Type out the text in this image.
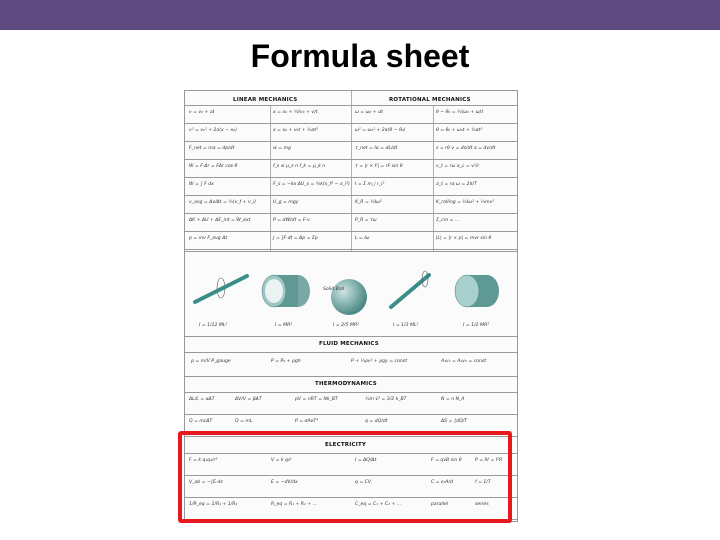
Formula sheet
LINEAR MECHANICS	ROTATIONAL MECHANICS
v = v₀ + at	x = x₀ + ½(v₀ + v)t	ω = ω₀ + αt	θ − θ₀ = ½(ω₀ + ω)t
v² = v₀² + 2a(x − x₀)	x = x₀ + v₀t + ½at²	ω² = ω₀² + 2α(θ − θ₀)	θ = θ₀ + ω₀t + ½αt²
F_net = ma = dp/dt	w = mg	τ_net = Iα = dL/dt	s = rθ v = ds/dt a = dv/dt
W = F·Δr = FΔr cos θ	f_s ≤ μ_s n f_k = μ_k n	τ = |r × F| = rF sin θ	v_t = rω a_c = v²/r
W = ∫ F dx	F_s = −kx ΔU_s = ½k(x_f² − x_i²) I = Σ m_i r_i²	a_t = rα ω = 2π/T
v_avg = Δx/Δt = ½(v_f + v_i)	U_g = mgy	K_R = ½Iω²	K_rolling = ½Iω² + ½mv²
ΔK + ΔU + ΔE_int = W_ext	P = dW/dt = F·v	P_R = τω	Σ_cm = ...
p = mv F_avg Δt	J = ∫F dt = Δp = Σp	L = Iω	|L| = |r × p| = mvr sin θ
Solid Ball
I = 1/12 ML²	I = MR²	I = 2/5 MR²	I = 1/3 ML²	I = 1/2 MR²
FLUID MECHANICS
ρ = m/V P_gauge	P = P₀ + ρgh	P + ½ρv² + ρgy = const	A₁v₁ = A₂v₂ = const
THERMODYNAMICS
ΔL/L = αΔT	ΔV/V = βΔT	pV = nRT = Nk_BT	½m v̄² = 3/2 k_BT	N = n N_A
Q = mcΔT	Q = mL	P = σAeT⁴	q = dQ/dt	ΔS = ∫dQ/T
ELECTRICITY
F = k q₁q₂/r²	V = k q/r	I = ΔQ/Δt	F = qvB sin θ	P = IV = I²R
V_ab = −∫E·ds	E = −dV/dx	q = CV	C = ε₀A/d	f = 1/T
1/R_eq = 1/R₁ + 1/R₂	R_eq = R₁ + R₂ + ...	C_eq = C₁ + C₂ + ...	parallel	series
